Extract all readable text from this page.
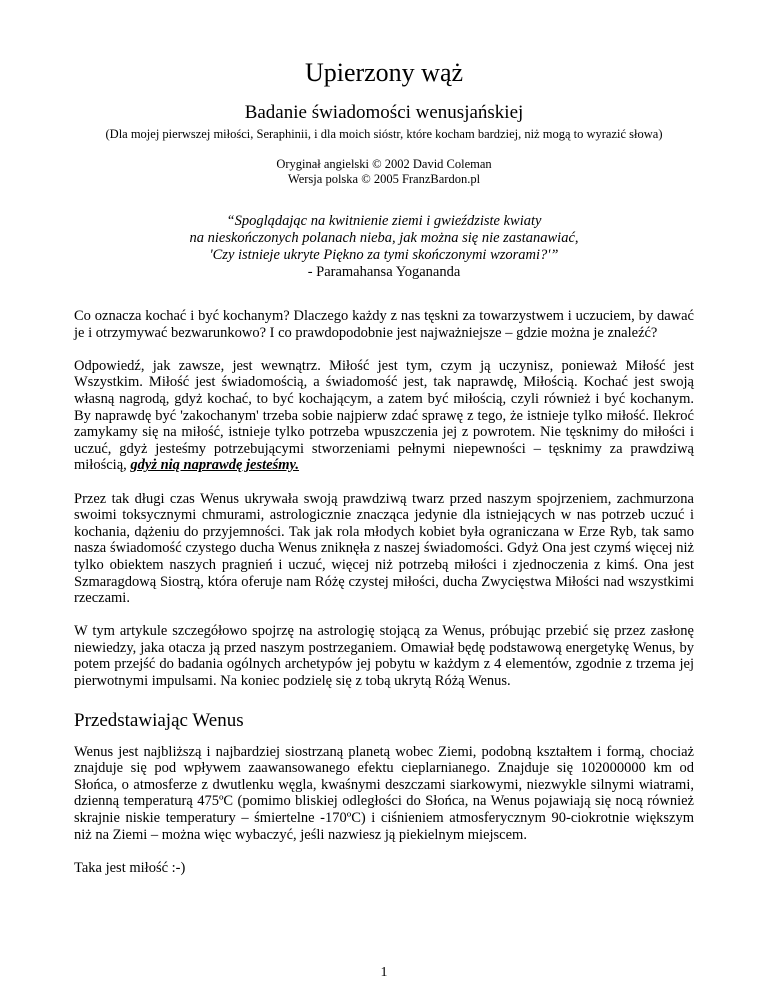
Upierzony wąż
Badanie świadomości wenusjańskiej
(Dla mojej pierwszej miłości, Seraphinii, i dla moich sióstr, które kocham bardziej, niż mogą to wyrazić słowa)
Oryginał angielski © 2002 David Coleman
Wersja polska © 2005 FranzBardon.pl
“Spoglądając na kwitnienie ziemi i gwieździste kwiaty
na nieskończonych polanach nieba, jak można się nie zastanawiać,
'Czy istnieje ukryte Piękno za tymi skończonymi wzorami?'”
- Paramahansa Yogananda

Co oznacza kochać i być kochanym? Dlaczego każdy z nas tęskni za towarzystwem i uczuciem, by dawać je i otrzymywać bezwarunkowo? I co prawdopodobnie jest najważniejsze – gdzie można je znaleźć?

Odpowiedź, jak zawsze, jest wewnątrz. Miłość jest tym, czym ją uczynisz, ponieważ Miłość jest Wszystkim. Miłość jest świadomością, a świadomość jest, tak naprawdę, Miłością. Kochać jest swoją własną nagrodą, gdyż kochać, to być kochającym, a zatem być miłością, czyli również i być kochanym. By naprawdę być 'zakochanym' trzeba sobie najpierw zdać sprawę z tego, że istnieje tylko miłość. Ilekroć zamykamy się na miłość, istnieje tylko potrzeba wpuszczenia jej z powrotem. Nie tęsknimy do miłości i uczuć, gdyż jesteśmy potrzebującymi stworzeniami pełnymi niepewności – tęsknimy za prawdziwą miłością, gdyż nią naprawdę jesteśmy.

Przez tak długi czas Wenus ukrywała swoją prawdziwą twarz przed naszym spojrzeniem, zachmurzona swoimi toksycznymi chmurami, astrologicznie znacząca jedynie dla istniejących w nas potrzeb uczuć i kochania, dążeniu do przyjemności. Tak jak rola młodych kobiet była ograniczana w Erze Ryb, tak samo nasza świadomość czystego ducha Wenus zniknęła z naszej świadomości. Gdyż Ona jest czymś więcej niż tylko obiektem naszych pragnień i uczuć, więcej niż potrzebą miłości i zjednoczenia z kimś. Ona jest Szmaragdową Siostrą, która oferuje nam Różę czystej miłości, ducha Zwycięstwa Miłości nad wszystkimi rzeczami.

W tym artykule szczegółowo spojrzę na astrologię stojącą za Wenus, próbując przebić się przez zasłonę niewiedzy, jaka otacza ją przed naszym postrzeganiem. Omawiał będę podstawową energetykę Wenus, by potem przejść do badania ogólnych archetypów jej pobytu w każdym z 4 elementów, zgodnie z trzema jej pierwotnymi impulsami. Na koniec podzielę się z tobą ukrytą Różą Wenus.

Przedstawiając Wenus

Wenus jest najbliższą i najbardziej siostrzaną planetą wobec Ziemi, podobną kształtem i formą, chociaż znajduje się pod wpływem zaawansowanego efektu cieplarnianego. Znajduje się 102000000 km od Słońca, o atmosferze z dwutlenku węgla, kwaśnymi deszczami siarkowymi, niezwykle silnymi wiatrami, dzienną temperaturą 475ºC (pomimo bliskiej odległości do Słońca, na Wenus pojawiają się nocą również skrajnie niskie temperatury – śmiertelne -170ºC) i ciśnieniem atmosferycznym 90-ciokrotnie większym niż na Ziemi – można więc wybaczyć, jeśli nazwiesz ją piekielnym miejscem.

Taka jest miłość :-)

1
